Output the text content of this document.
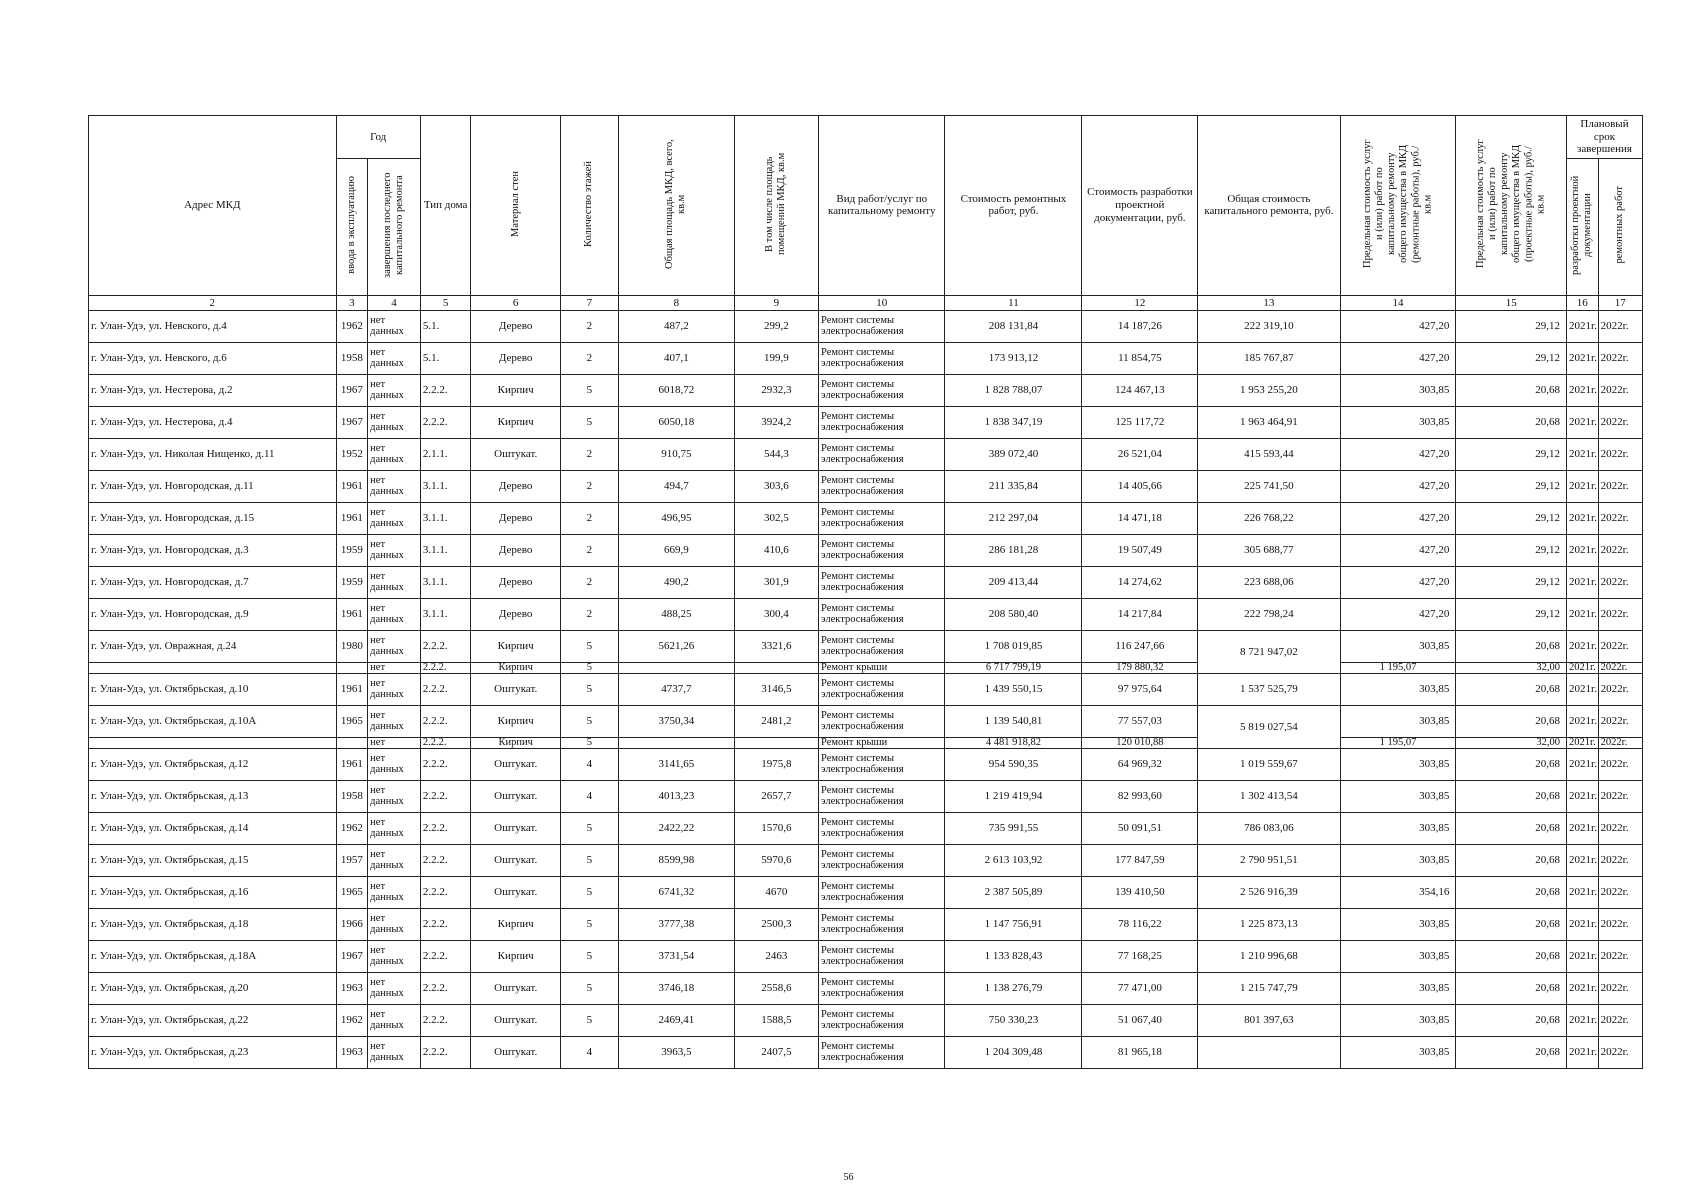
Адрес МКД	Год		Тип дома	Материал стен	Количество этажей	Общая площадь МКД, всего, кв.м	В том числе площадь помещений МКД, кв.м	Вид работ/услуг по капитальному ремонту	Стоимость ремонтных работ, руб.	Стоимость разработки проектной документации, руб.	Общая стоимость капитального ремонта, руб.	Предельная стоимость услуг и (или) работ по капитальному ремонту общего имущества в МКД (ремонтные работы), руб./кв.м	Предельная стоимость услуг и (или) работ по капитальному ремонту общего имущества в МКД (проектные работы), руб./кв.м	Плановый срок завершения	
	ввода в эксплуатацию	завершения последнего капитального ремонта												разработки проектной документации	ремонтных работ
2	3	4	5	6	7	8	9	10	11	12	13	14	15	16	17
г. Улан-Удэ, ул. Невского, д.4	1962	нет данных	5.1.	Дерево	2	487,2	299,2	Ремонт системы электроснабжения	208 131,84	14 187,26	222 319,10	427,20	29,12	2021г.	2022г.
г. Улан-Удэ, ул. Невского, д.6	1958	нет данных	5.1.	Дерево	2	407,1	199,9	Ремонт системы электроснабжения	173 913,12	11 854,75	185 767,87	427,20	29,12	2021г.	2022г.
г. Улан-Удэ, ул. Нестерова, д.2	1967	нет данных	2.2.2.	Кирпич	5	6018,72	2932,3	Ремонт системы электроснабжения	1 828 788,07	124 467,13	1 953 255,20	303,85	20,68	2021г.	2022г.
г. Улан-Удэ, ул. Нестерова, д.4	1967	нет данных	2.2.2.	Кирпич	5	6050,18	3924,2	Ремонт системы электроснабжения	1 838 347,19	125 117,72	1 963 464,91	303,85	20,68	2021г.	2022г.
г. Улан-Удэ, ул. Николая Нищенко, д.11	1952	нет данных	2.1.1.	Оштукат.	2	910,75	544,3	Ремонт системы электроснабжения	389 072,40	26 521,04	415 593,44	427,20	29,12	2021г.	2022г.
г. Улан-Удэ, ул. Новгородская, д.11	1961	нет данных	3.1.1.	Дерево	2	494,7	303,6	Ремонт системы электроснабжения	211 335,84	14 405,66	225 741,50	427,20	29,12	2021г.	2022г.
г. Улан-Удэ, ул. Новгородская, д.15	1961	нет данных	3.1.1.	Дерево	2	496,95	302,5	Ремонт системы электроснабжения	212 297,04	14 471,18	226 768,22	427,20	29,12	2021г.	2022г.
г. Улан-Удэ, ул. Новгородская, д.3	1959	нет данных	3.1.1.	Дерево	2	669,9	410,6	Ремонт системы электроснабжения	286 181,28	19 507,49	305 688,77	427,20	29,12	2021г.	2022г.
г. Улан-Удэ, ул. Новгородская, д.7	1959	нет данных	3.1.1.	Дерево	2	490,2	301,9	Ремонт системы электроснабжения	209 413,44	14 274,62	223 688,06	427,20	29,12	2021г.	2022г.
г. Улан-Удэ, ул. Новгородская, д.9	1961	нет данных	3.1.1.	Дерево	2	488,25	300,4	Ремонт системы электроснабжения	208 580,40	14 217,84	222 798,24	427,20	29,12	2021г.	2022г.
г. Улан-Удэ, ул. Овражная, д.24	1980	нет данных	2.2.2.	Кирпич	5	5621,26	3321,6	Ремонт системы электроснабжения	1 708 019,85	116 247,66	8 721 947,02	303,85	20,68	2021г.	2022г.
		нет	2.2.2.	Кирпич	5			Ремонт крыши	6 717 799,19	179 880,32		1 195,07	32,00	2021г.	2022г.
г. Улан-Удэ, ул. Октябрьская, д.10	1961	нет данных	2.2.2.	Оштукат.	5	4737,7	3146,5	Ремонт системы электроснабжения	1 439 550,15	97 975,64	1 537 525,79	303,85	20,68	2021г.	2022г.
г. Улан-Удэ, ул. Октябрьская, д.10А	1965	нет данных	2.2.2.	Кирпич	5	3750,34	2481,2	Ремонт системы электроснабжения	1 139 540,81	77 557,03	5 819 027,54	303,85	20,68	2021г.	2022г.
		нет	2.2.2.	Кирпич	5			Ремонт крыши	4 481 918,82	120 010,88		1 195,07	32,00	2021г.	2022г.
г. Улан-Удэ, ул. Октябрьская, д.12	1961	нет данных	2.2.2.	Оштукат.	4	3141,65	1975,8	Ремонт системы электроснабжения	954 590,35	64 969,32	1 019 559,67	303,85	20,68	2021г.	2022г.
г. Улан-Удэ, ул. Октябрьская, д.13	1958	нет данных	2.2.2.	Оштукат.	4	4013,23	2657,7	Ремонт системы электроснабжения	1 219 419,94	82 993,60	1 302 413,54	303,85	20,68	2021г.	2022г.
г. Улан-Удэ, ул. Октябрьская, д.14	1962	нет данных	2.2.2.	Оштукат.	5	2422,22	1570,6	Ремонт системы электроснабжения	735 991,55	50 091,51	786 083,06	303,85	20,68	2021г.	2022г.
г. Улан-Удэ, ул. Октябрьская, д.15	1957	нет данных	2.2.2.	Оштукат.	5	8599,98	5970,6	Ремонт системы электроснабжения	2 613 103,92	177 847,59	2 790 951,51	303,85	20,68	2021г.	2022г.
г. Улан-Удэ, ул. Октябрьская, д.16	1965	нет данных	2.2.2.	Оштукат.	5	6741,32	4670	Ремонт системы электроснабжения	2 387 505,89	139 410,50	2 526 916,39	354,16	20,68	2021г.	2022г.
г. Улан-Удэ, ул. Октябрьская, д.18	1966	нет данных	2.2.2.	Кирпич	5	3777,38	2500,3	Ремонт системы электроснабжения	1 147 756,91	78 116,22	1 225 873,13	303,85	20,68	2021г.	2022г.
г. Улан-Удэ, ул. Октябрьская, д.18А	1967	нет данных	2.2.2.	Кирпич	5	3731,54	2463	Ремонт системы электроснабжения	1 133 828,43	77 168,25	1 210 996,68	303,85	20,68	2021г.	2022г.
г. Улан-Удэ, ул. Октябрьская, д.20	1963	нет данных	2.2.2.	Оштукат.	5	3746,18	2558,6	Ремонт системы электроснабжения	1 138 276,79	77 471,00	1 215 747,79	303,85	20,68	2021г.	2022г.
г. Улан-Удэ, ул. Октябрьская, д.22	1962	нет данных	2.2.2.	Оштукат.	5	2469,41	1588,5	Ремонт системы электроснабжения	750 330,23	51 067,40	801 397,63	303,85	20,68	2021г.	2022г.
г. Улан-Удэ, ул. Октябрьская, д.23	1963	нет данных	2.2.2.	Оштукат.	4	3963,5	2407,5	Ремонт системы электроснабжения	1 204 309,48	81 965,18		303,85	20,68	2021г.	2022г.
56
